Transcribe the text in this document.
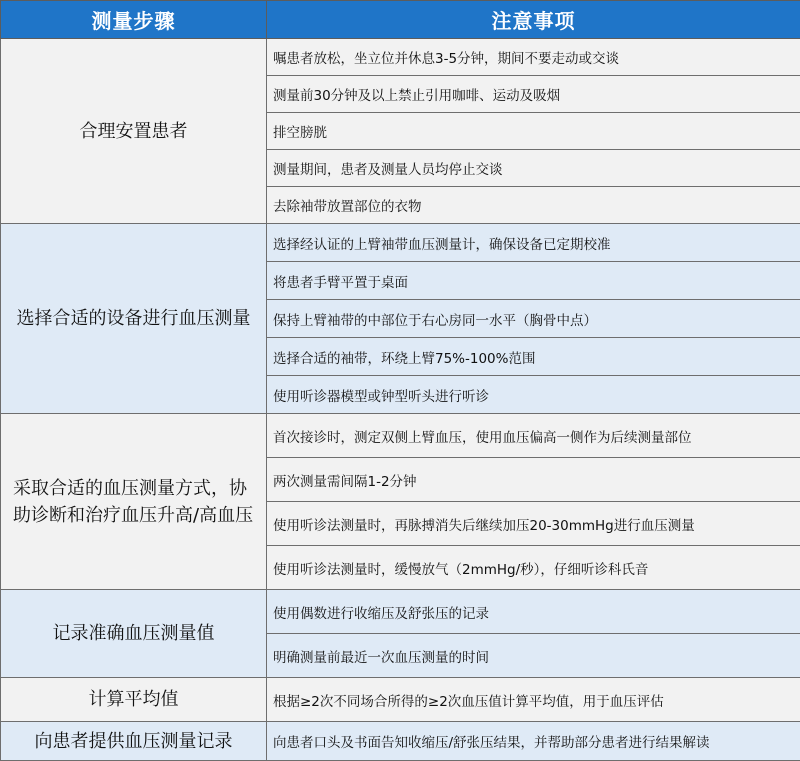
测量步骤	注意事项
合理安置患者	嘱患者放松，坐立位并休息3-5分钟，期间不要走动或交谈
	测量前30分钟及以上禁止引用咖啡、运动及吸烟
	排空膀胱
	测量期间，患者及测量人员均停止交谈
	去除袖带放置部位的衣物
选择合适的设备进行血压测量	选择经认证的上臂袖带血压测量计，确保设备已定期校准
	将患者手臂平置于桌面
	保持上臂袖带的中部位于右心房同一水平（胸骨中点）
	选择合适的袖带，环绕上臂75%-100%范围
	使用听诊器模型或钟型听头进行听诊
采取合适的血压测量方式，协助诊断和治疗血压升高/高血压	首次接诊时，测定双侧上臂血压，使用血压偏高一侧作为后续测量部位
	两次测量需间隔1-2分钟
	使用听诊法测量时，再脉搏消失后继续加压20-30mmHg进行血压测量
	使用听诊法测量时，缓慢放气（2mmHg/秒），仔细听诊科氏音
记录准确血压测量值	使用偶数进行收缩压及舒张压的记录
	明确测量前最近一次血压测量的时间
计算平均值	根据≥2次不同场合所得的≥2次血压值计算平均值，用于血压评估
向患者提供血压测量记录	向患者口头及书面告知收缩压/舒张压结果，并帮助部分患者进行结果解读
